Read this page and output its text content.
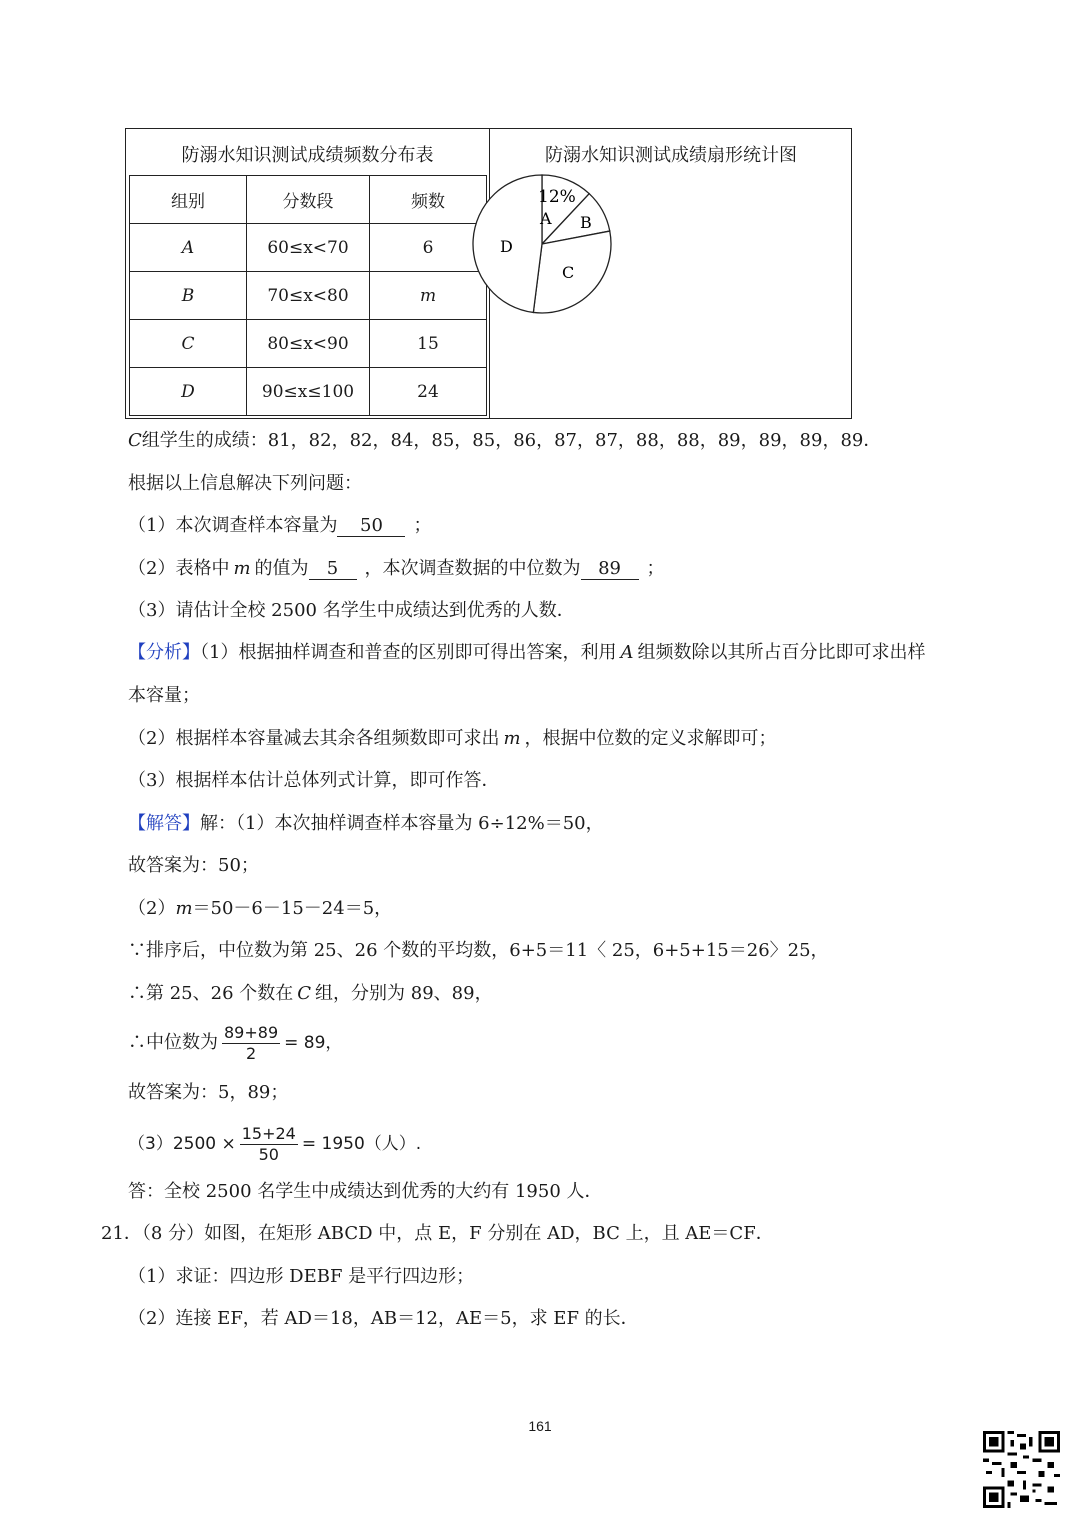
防溺水知识测试成绩频数分布表	防溺水知识测试成绩扇形统计图
组别	分数段	频数
A	60≤x<70	6
B	70≤x<80	m
C	80≤x<90	15
D	90≤x≤100	24
12%
A B
C
D
C组学生的成绩：81，82，82，84，85，85，86，87，87，88，88，89，89，89，89．
根据以上信息解决下列问题：
（1）本次调查样本容量为 50 ；
（2）表格中 m 的值为 5 ，本次调查数据的中位数为 89 ；
（3）请估计全校 2500 名学生中成绩达到优秀的人数．
【分析】（1）根据抽样调查和普查的区别即可得出答案，利用 A 组频数除以其所占百分比即可求出样
本容量；
（2）根据样本容量减去其余各组频数即可求出 m ，根据中位数的定义求解即可；
（3）根据样本估计总体列式计算，即可作答．
【解答】解：（1）本次抽样调查样本容量为 6÷12%＝50，
故答案为：50；
（2）m＝50－6－15－24＝5，
∵排序后，中位数为第 25、26 个数的平均数，6+5＝11〈 25，6+5+15＝26〉25，
∴第 25、26 个数在 C 组，分别为 89、89，
∴中位数为 $\frac{89+89}{2} = 89$，
故答案为：5，89；
$(3)2500 \times \frac{15+24}{50} = 1950$（人）.
答：全校 2500 名学生中成绩达到优秀的大约有 1950 人．
21．（8 分）如图，在矩形 ABCD 中，点 E，F 分别在 AD，BC 上，且 AE＝CF．
（1）求证：四边形 DEBF 是平行四边形；
（2）连接 EF，若 AD＝18，AB＝12，AE＝5，求 EF 的长．
161
